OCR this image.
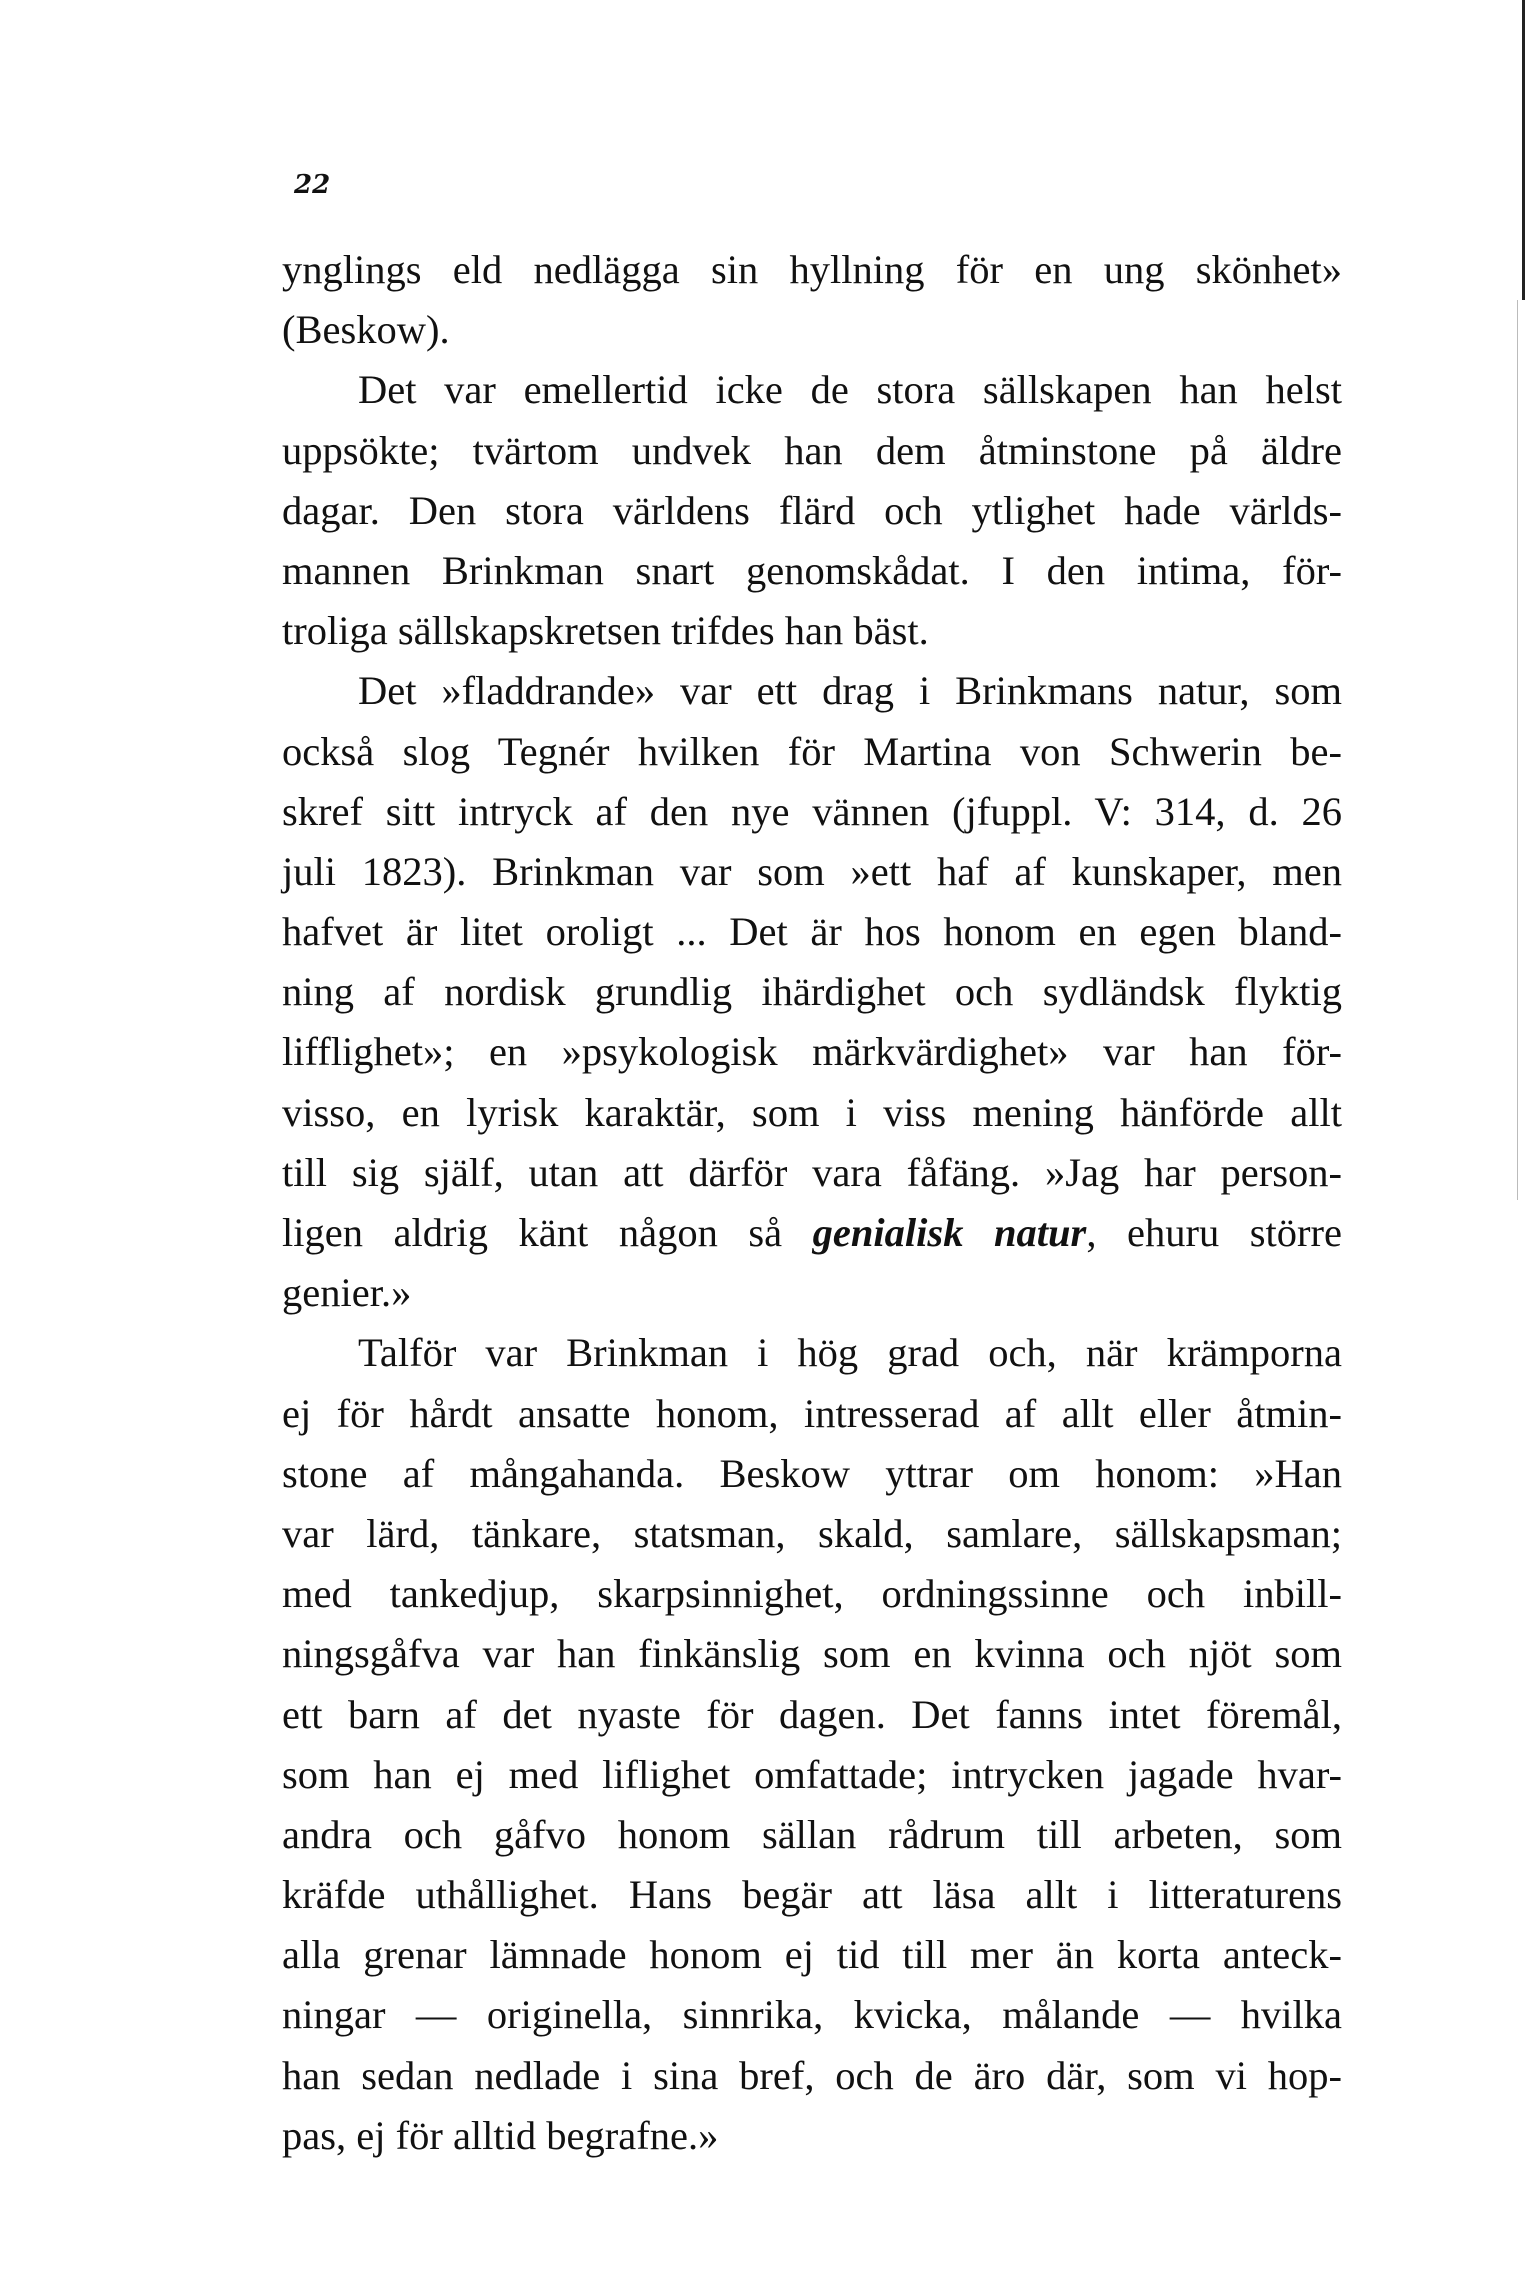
22
ynglings eld nedlägga sin hyllning för en ung skönhet»
(Beskow).
Det var emellertid icke de stora sällskapen han helst
uppsökte; tvärtom undvek han dem åtminstone på äldre
dagar. Den stora världens flärd och ytlighet hade världs-
mannen Brinkman snart genomskådat. I den intima, för-
troliga sällskapskretsen trifdes han bäst.
Det »fladdrande» var ett drag i Brinkmans natur, som
också slog Tegnér hvilken för Martina von Schwerin be-
skref sitt intryck af den nye vännen (jfuppl. V: 314, d. 26
juli 1823). Brinkman var som »ett haf af kunskaper, men
hafvet är litet oroligt ... Det är hos honom en egen bland-
ning af nordisk grundlig ihärdighet och sydländsk flyktig
lifflighet»; en »psykologisk märkvärdighet» var han för-
visso, en lyrisk karaktär, som i viss mening hänförde allt
till sig själf, utan att därför vara fåfäng. »Jag har person-
ligen aldrig känt någon så genialisk natur, ehuru större
genier.»
Talför var Brinkman i hög grad och, när krämporna
ej för hårdt ansatte honom, intresserad af allt eller åtmin-
stone af mångahanda. Beskow yttrar om honom: »Han
var lärd, tänkare, statsman, skald, samlare, sällskapsman;
med tankedjup, skarpsinnighet, ordningssinne och inbill-
ningsgåfva var han finkänslig som en kvinna och njöt som
ett barn af det nyaste för dagen. Det fanns intet föremål,
som han ej med liflighet omfattade; intrycken jagade hvar-
andra och gåfvo honom sällan rådrum till arbeten, som
kräfde uthållighet. Hans begär att läsa allt i litteraturens
alla grenar lämnade honom ej tid till mer än korta anteck-
ningar — originella, sinnrika, kvicka, målande — hvilka
han sedan nedlade i sina bref, och de äro där, som vi hop-
pas, ej för alltid begrafne.»
